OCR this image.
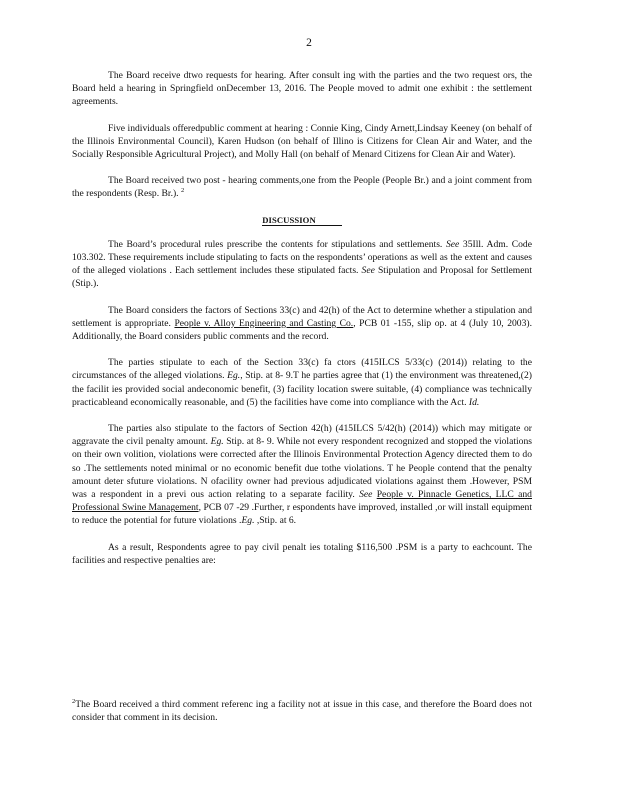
2

The Board receive dtwo requests for hearing. After consult ing with the parties and the two request ors, the Board held a hearing in Springfield onDecember 13, 2016. The People moved to admit one exhibit : the settlement agreements.

Five individuals offeredpublic comment at hearing : Connie King, Cindy Arnett,Lindsay Keeney (on behalf of the Illinois Environmental Council), Karen Hudson (on behalf of Illino is Citizens for Clean Air and Water, and the Socially Responsible Agricultural Project), and Molly Hall (on behalf of Menard Citizens for Clean Air and Water).

The Board received two post - hearing comments,one from the People (People Br.) and a joint comment from the respondents (Resp. Br.). $^2$

DISCUSSION

The Board’s procedural rules prescribe the contents for stipulations and settlements. See 35Ill. Adm. Code 103.302. These requirements include stipulating to facts on the respondents’ operations as well as the extent and causes of the alleged violations . Each settlement includes these stipulated facts. See Stipulation and Proposal for Settlement (Stip.).

The Board considers the factors of Sections 33(c) and 42(h) of the Act to determine whether a stipulation and settlement is appropriate. People v. Alloy Engineering and Casting Co., PCB 01 -155, slip op. at 4 (July 10, 2003). Additionally, the Board considers public comments and the record.

The parties stipulate to each of the Section 33(c) fa ctors (415ILCS 5/33(c) (2014)) relating to the circumstances of the alleged violations. Eg., Stip. at 8- 9.T he parties agree that (1) the environment was threatened,(2) the facilit ies provided social andeconomic benefit, (3) facility location swere suitable, (4) compliance was technically practicableand economically reasonable, and (5) the facilities have come into compliance with the Act. Id.

The parties also stipulate to the factors of Section 42(h) (415ILCS 5/42(h) (2014)) which may mitigate or aggravate the civil penalty amount. Eg. Stip. at 8- 9. While not every respondent recognized and stopped the violations on their own volition, violations were corrected after the Illinois Environmental Protection Agency directed them to do so .The settlements noted minimal or no economic benefit due tothe violations. T he People contend that the penalty amount deter sfuture violations. N ofacility owner had previous adjudicated violations against them .However, PSM was a respondent in a previ ous action relating to a separate facility. See People v. Pinnacle Genetics, LLC and Professional Swine Management, PCB 07 -29 .Further, r espondents have improved, installed ,or will install equipment to reduce the potential for future violations .Eg. ,Stip. at 6.

As a result, Respondents agree to pay civil penalt ies totaling $116,500 .PSM is a party to eachcount. The facilities and respective penalties are:

$^2$The Board received a third comment referenc ing a facility not at issue in this case, and therefore the Board does not consider that comment in its decision.
